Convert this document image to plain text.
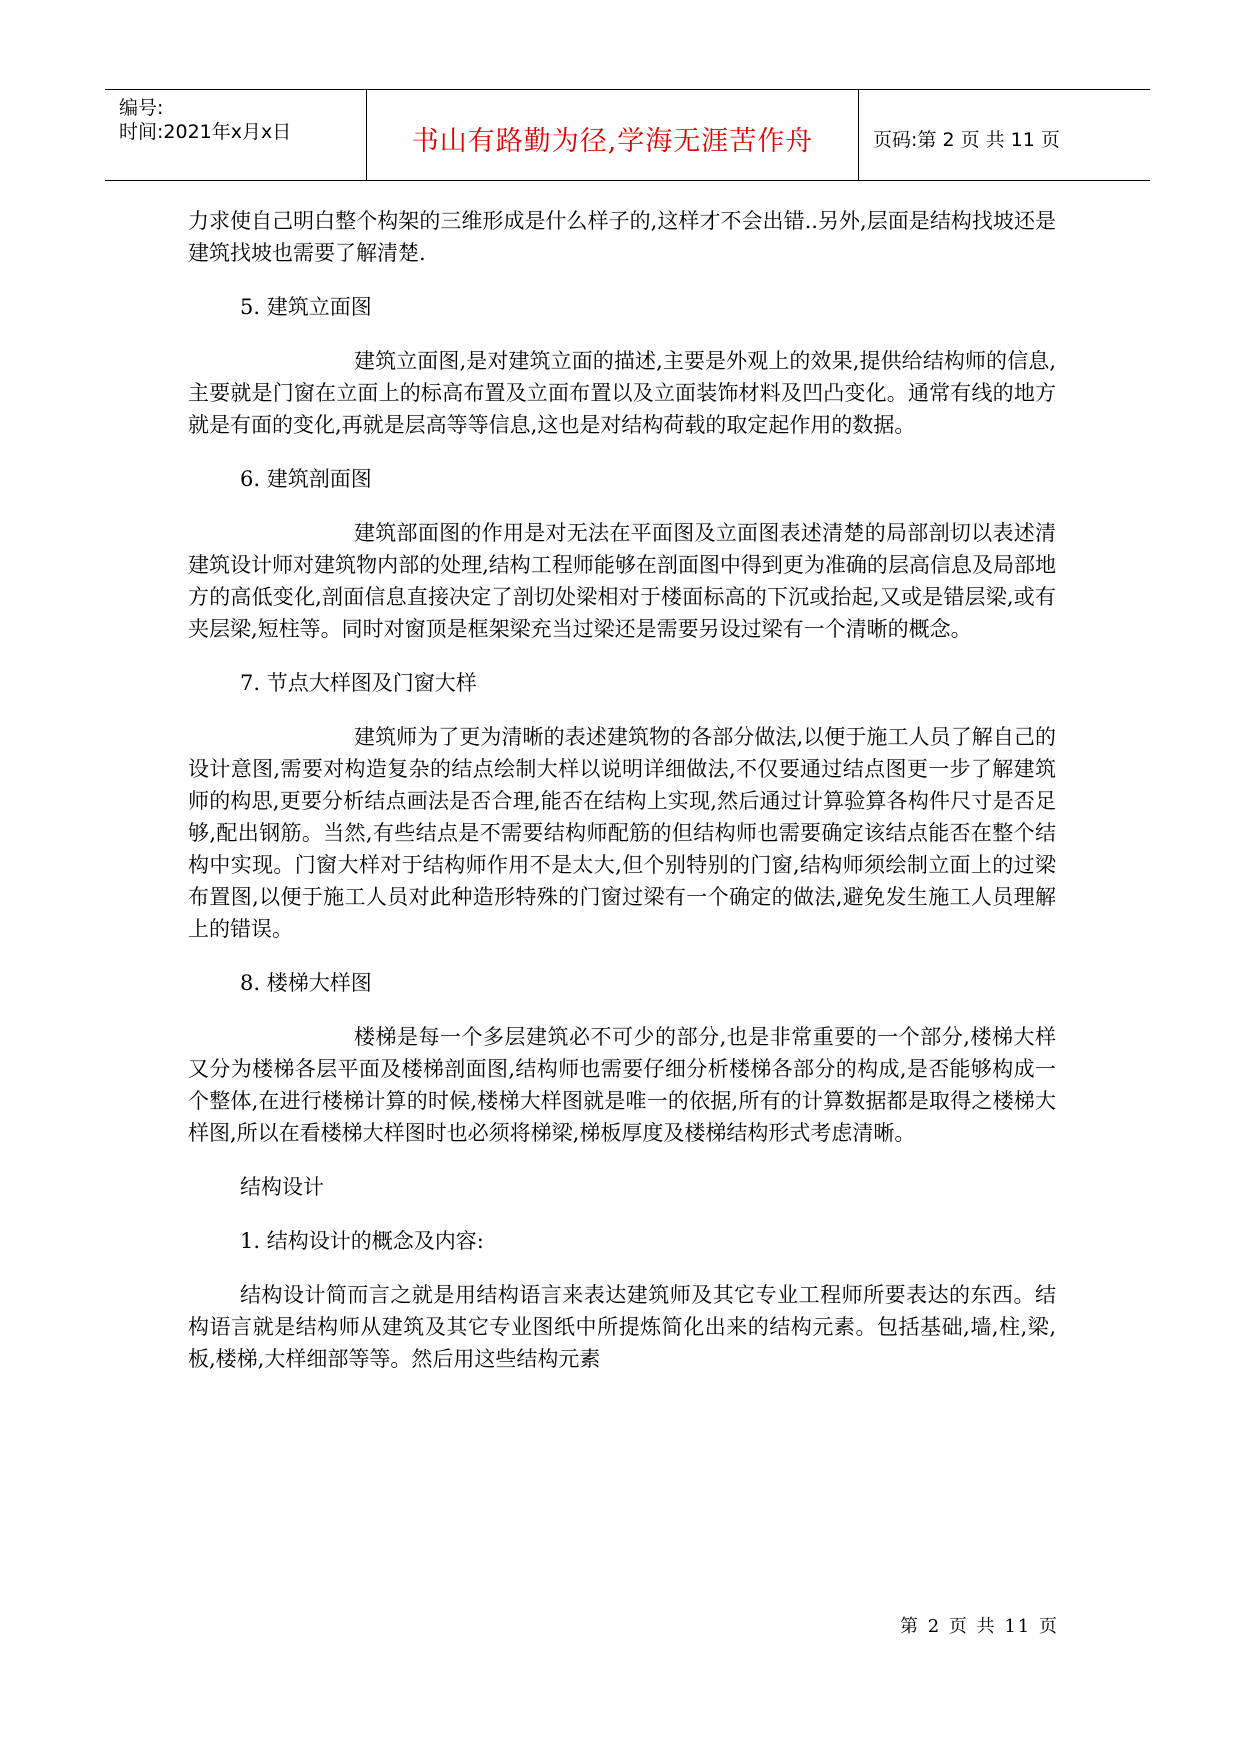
编号:
时间:2021年x月x日	书山有路勤为径,学海无涯苦作舟	页码:第 2 页 共 11 页

力求使自己明白整个构架的三维形成是什么样子的,这样才不会出错..另外,层面是结构找坡还是建筑找坡也需要了解清楚.

5. 建筑立面图

建筑立面图,是对建筑立面的描述,主要是外观上的效果,提供给结构师的信息,主要就是门窗在立面上的标高布置及立面布置以及立面装饰材料及凹凸变化。通常有线的地方就是有面的变化,再就是层高等等信息,这也是对结构荷载的取定起作用的数据。

6. 建筑剖面图

建筑部面图的作用是对无法在平面图及立面图表述清楚的局部剖切以表述清建筑设计师对建筑物内部的处理,结构工程师能够在剖面图中得到更为准确的层高信息及局部地方的高低变化,剖面信息直接决定了剖切处梁相对于楼面标高的下沉或抬起,又或是错层梁,或有夹层梁,短柱等。同时对窗顶是框架梁充当过梁还是需要另设过梁有一个清晰的概念。

7. 节点大样图及门窗大样

建筑师为了更为清晰的表述建筑物的各部分做法,以便于施工人员了解自己的设计意图,需要对构造复杂的结点绘制大样以说明详细做法,不仅要通过结点图更一步了解建筑师的构思,更要分析结点画法是否合理,能否在结构上实现,然后通过计算验算各构件尺寸是否足够,配出钢筋。当然,有些结点是不需要结构师配筋的但结构师也需要确定该结点能否在整个结构中实现。门窗大样对于结构师作用不是太大,但个别特别的门窗,结构师须绘制立面上的过梁布置图,以便于施工人员对此种造形特殊的门窗过梁有一个确定的做法,避免发生施工人员理解上的错误。

8. 楼梯大样图

楼梯是每一个多层建筑必不可少的部分,也是非常重要的一个部分,楼梯大样又分为楼梯各层平面及楼梯剖面图,结构师也需要仔细分析楼梯各部分的构成,是否能够构成一个整体,在进行楼梯计算的时候,楼梯大样图就是唯一的依据,所有的计算数据都是取得之楼梯大样图,所以在看楼梯大样图时也必须将梯梁,梯板厚度及楼梯结构形式考虑清晰。

结构设计

1. 结构设计的概念及内容:

结构设计简而言之就是用结构语言来表达建筑师及其它专业工程师所要表达的东西。结构语言就是结构师从建筑及其它专业图纸中所提炼简化出来的结构元素。包括基础,墙,柱,梁,板,楼梯,大样细部等等。然后用这些结构元素

第 2 页 共 11 页
